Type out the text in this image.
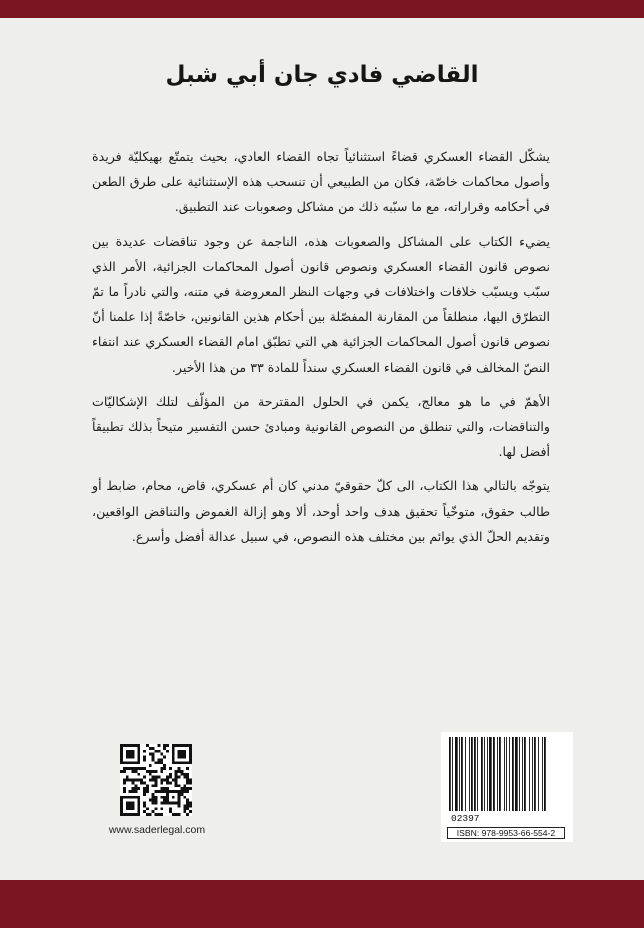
القاضي فادي جان أبي شبل

يشكّل القضاء العسكري قضاءً استثنائياً تجاه القضاء العادي، بحيث يتمتّع بهيكليّة فريدة وأصول محاكمات خاصّة، فكان من الطبيعي أن تنسحب هذه الإستثنائية على طرق الطعن في أحكامه وقراراته، مع ما سبّبه ذلك من مشاكل وصعوبات عند التطبيق.

يضيء الكتاب على المشاكل والصعوبات هذه، الناجمة عن وجود تناقضات عديدة بين نصوص قانون القضاء العسكري ونصوص قانون أصول المحاكمات الجزائية، الأمر الذي سبّب ويسبّب خلافات واختلافات في وجهات النظر المعروضة في متنه، والتي نادراً ما تمّ التطرّق اليها، منطلقاً من المقارنة المفصّلة بين أحكام هذين القانونين، خاصّةً إذا علمنا أنّ نصوص قانون أصول المحاكمات الجزائية هي التي تطبّق امام القضاء العسكري عند انتفاء النصّ المخالف في قانون القضاء العسكري سنداً للمادة ٣٣ من هذا الأخير.

الأهمّ في ما هو معالج، يكمن في الحلول المقترحة من المؤلّف لتلك الإشكاليّات والتناقضات، والتي تنطلق من النصوص القانونية ومبادئ حسن التفسير متيحاً بذلك تطبيقاً أفضل لها.

يتوجّه بالتالي هذا الكتاب، الى كلّ حقوقيّ مدني كان أم عسكري، قاض، محام، ضابط أو طالب حقوق، متوخّياً تحقيق هدف واحد أوحد، ألا وهو إزالة الغموض والتناقض الواقعين، وتقديم الحلّ الذي يوائم بين مختلف هذه النصوص، في سبيل عدالة أفضل وأسرع.

www.saderlegal.com
02397
ISBN: 978-9953-66-554-2
